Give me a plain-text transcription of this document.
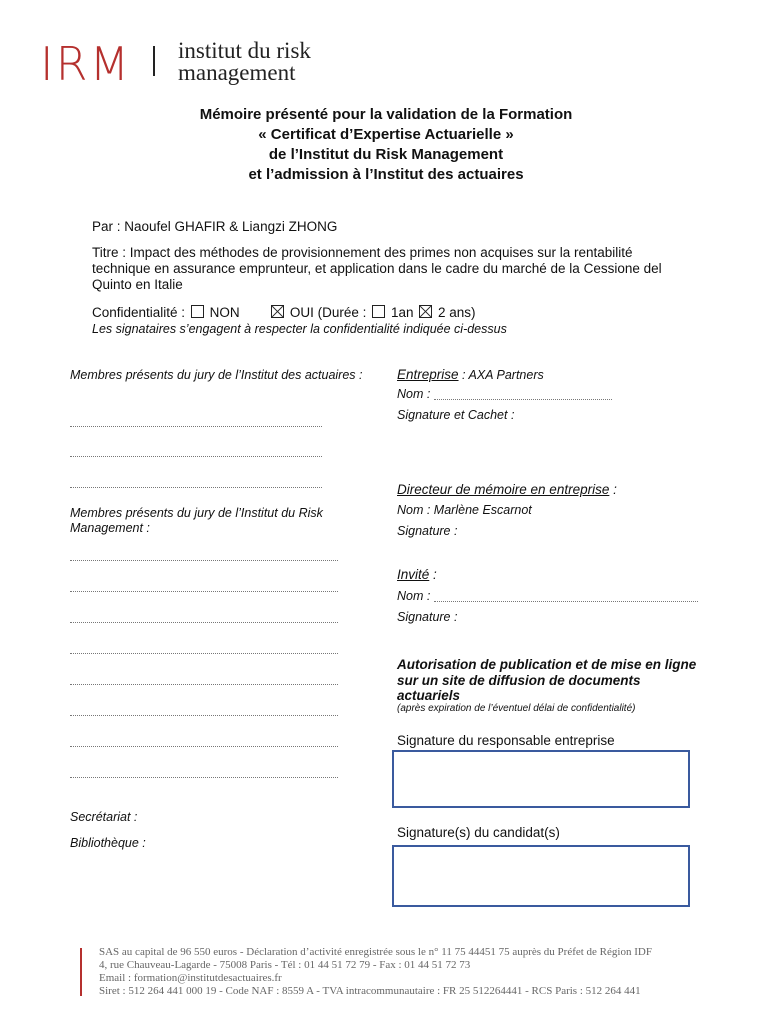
IRM institut du risk
management
Mémoire présenté pour la validation de la Formation
« Certificat d’Expertise Actuarielle »
de l’Institut du Risk Management
et l’admission à l’Institut des actuaires
Par : Naoufel GHAFIR & Liangzi ZHONG
Titre : Impact des méthodes de provisionnement des primes non acquises sur la rentabilité technique en assurance emprunteur, et application dans le cadre du marché de la Cessione del Quinto en Italie
Confidentialité : NON	OUI (Durée : 1an 2 ans)
Les signataires s’engagent à respecter la confidentialité indiquée ci-dessus
Membres présents du jury de l’Institut des actuaires :
Membres présents du jury de l’Institut du Risk Management :
Secrétariat :
Bibliothèque :
Entreprise : AXA Partners
Nom :
Signature et Cachet :
Directeur de mémoire en entreprise :
Nom : Marlène Escarnot
Signature :
Invité :
Nom :
Signature :
Autorisation de publication et de mise en ligne sur un site de diffusion de documents actuariels
(après expiration de l’éventuel délai de confidentialité)
Signature du responsable entreprise
Signature(s) du candidat(s)
SAS au capital de 96 550 euros - Déclaration d’activité enregistrée sous le n° 11 75 44451 75 auprès du Préfet de Région IDF
4, rue Chauveau-Lagarde - 75008 Paris - Tél : 01 44 51 72 79 - Fax : 01 44 51 72 73
Email : formation@institutdesactuaires.fr
Siret : 512 264 441 000 19 - Code NAF : 8559 A - TVA intracommunautaire : FR 25 512264441 - RCS Paris : 512 264 441
